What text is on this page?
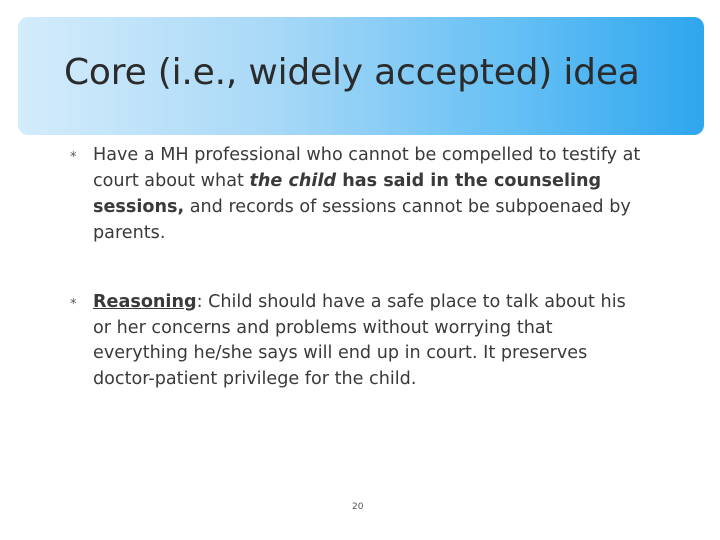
Core (i.e., widely accepted) idea
* Have a MH professional who cannot be compelled to testify at court about what the child has said in the counseling sessions, and records of sessions cannot be subpoenaed by parents.
* Reasoning: Child should have a safe place to talk about his or her concerns and problems without worrying that everything he/she says will end up in court. It preserves doctor-patient privilege for the child.
20
